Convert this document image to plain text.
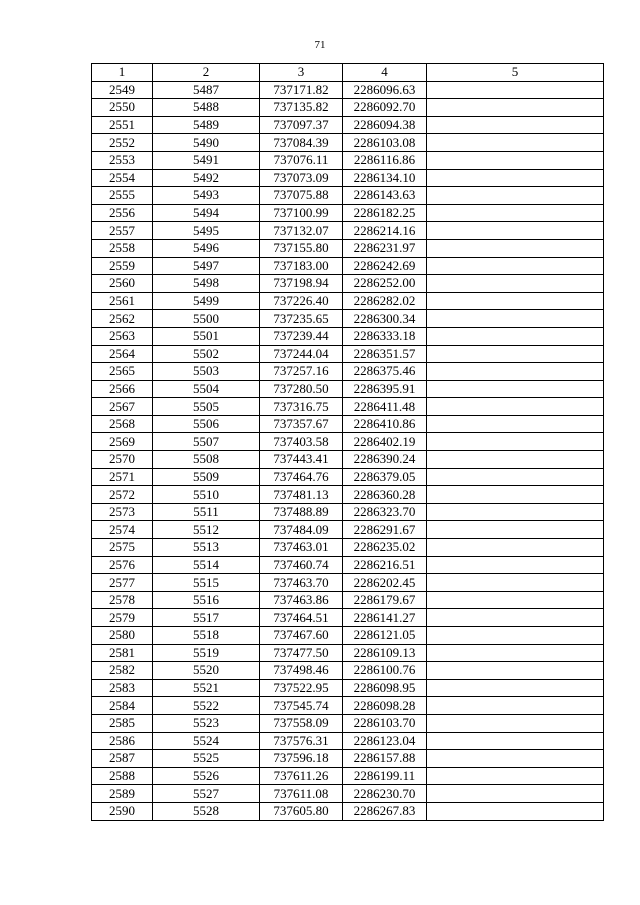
71
1	2	3	4	5
2549	5487	737171.82	2286096.63	
2550	5488	737135.82	2286092.70	
2551	5489	737097.37	2286094.38	
2552	5490	737084.39	2286103.08	
2553	5491	737076.11	2286116.86	
2554	5492	737073.09	2286134.10	
2555	5493	737075.88	2286143.63	
2556	5494	737100.99	2286182.25	
2557	5495	737132.07	2286214.16	
2558	5496	737155.80	2286231.97	
2559	5497	737183.00	2286242.69	
2560	5498	737198.94	2286252.00	
2561	5499	737226.40	2286282.02	
2562	5500	737235.65	2286300.34	
2563	5501	737239.44	2286333.18	
2564	5502	737244.04	2286351.57	
2565	5503	737257.16	2286375.46	
2566	5504	737280.50	2286395.91	
2567	5505	737316.75	2286411.48	
2568	5506	737357.67	2286410.86	
2569	5507	737403.58	2286402.19	
2570	5508	737443.41	2286390.24	
2571	5509	737464.76	2286379.05	
2572	5510	737481.13	2286360.28	
2573	5511	737488.89	2286323.70	
2574	5512	737484.09	2286291.67	
2575	5513	737463.01	2286235.02	
2576	5514	737460.74	2286216.51	
2577	5515	737463.70	2286202.45	
2578	5516	737463.86	2286179.67	
2579	5517	737464.51	2286141.27	
2580	5518	737467.60	2286121.05	
2581	5519	737477.50	2286109.13	
2582	5520	737498.46	2286100.76	
2583	5521	737522.95	2286098.95	
2584	5522	737545.74	2286098.28	
2585	5523	737558.09	2286103.70	
2586	5524	737576.31	2286123.04	
2587	5525	737596.18	2286157.88	
2588	5526	737611.26	2286199.11	
2589	5527	737611.08	2286230.70	
2590	5528	737605.80	2286267.83	
